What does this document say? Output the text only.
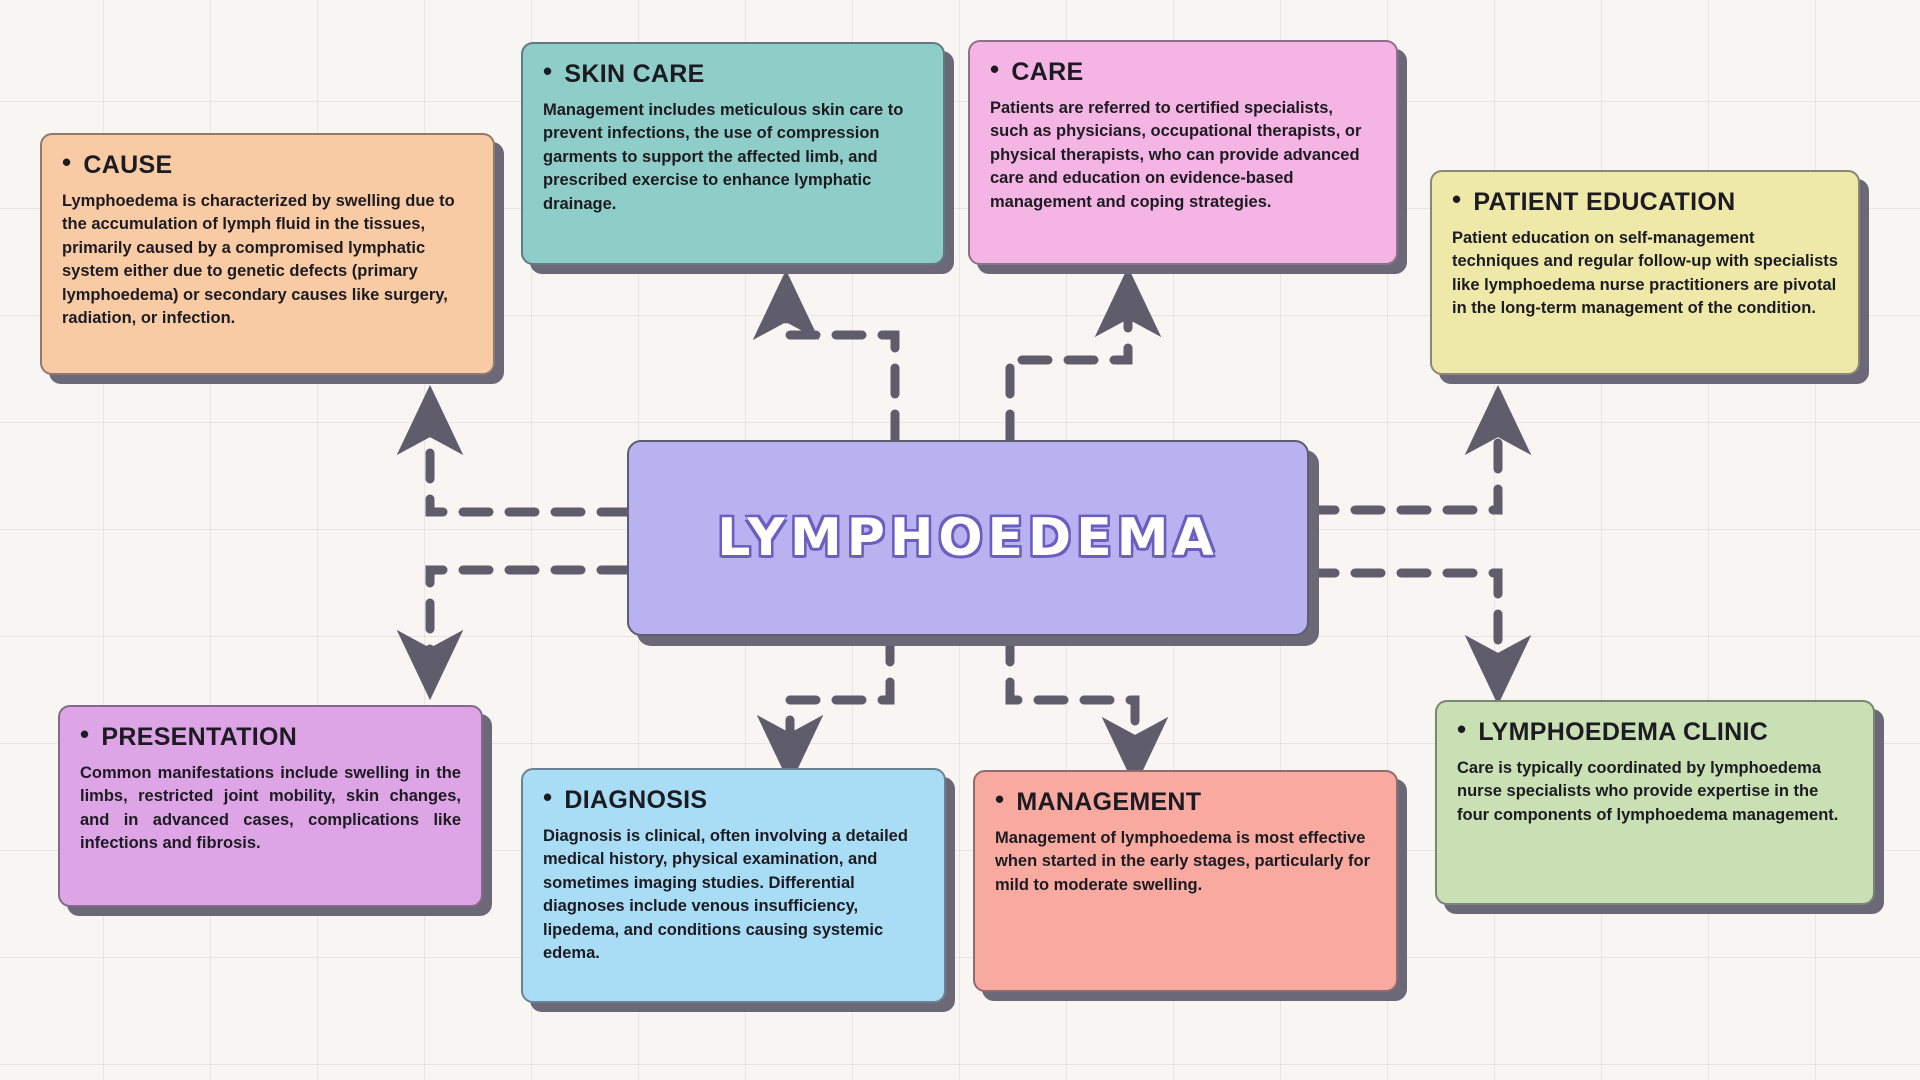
• CAUSE
Lymphoedema is characterized by swelling due to the accumulation of lymph fluid in the tissues, primarily caused by a compromised lymphatic system either due to genetic defects (primary lymphoedema) or secondary causes like surgery, radiation, or infection.
• SKIN CARE
Management includes meticulous skin care to prevent infections, the use of compression garments to support the affected limb, and prescribed exercise to enhance lymphatic drainage.
• CARE
Patients are referred to certified specialists, such as physicians, occupational therapists, or physical therapists, who can provide advanced care and education on evidence-based management and coping strategies.	• PATIENT EDUCATION
Patient education on self-management techniques and regular follow-up with specialists like lymphoedema nurse practitioners are pivotal in the long-term management of the condition.
• PRESENTATION
Common manifestations include swelling in the limbs, restricted joint mobility, skin changes, and in advanced cases, complications like infections and fibrosis.
• DIAGNOSIS
Diagnosis is clinical, often involving a detailed medical history, physical examination, and sometimes imaging studies. Differential diagnoses include venous insufficiency, lipedema, and conditions causing systemic edema.
• MANAGEMENT
Management of lymphoedema is most effective when started in the early stages, particularly for mild to moderate swelling.
• LYMPHOEDEMA CLINIC
Care is typically coordinated by lymphoedema nurse specialists who provide expertise in the four components of lymphoedema management.
LYMPHOEDEMA
